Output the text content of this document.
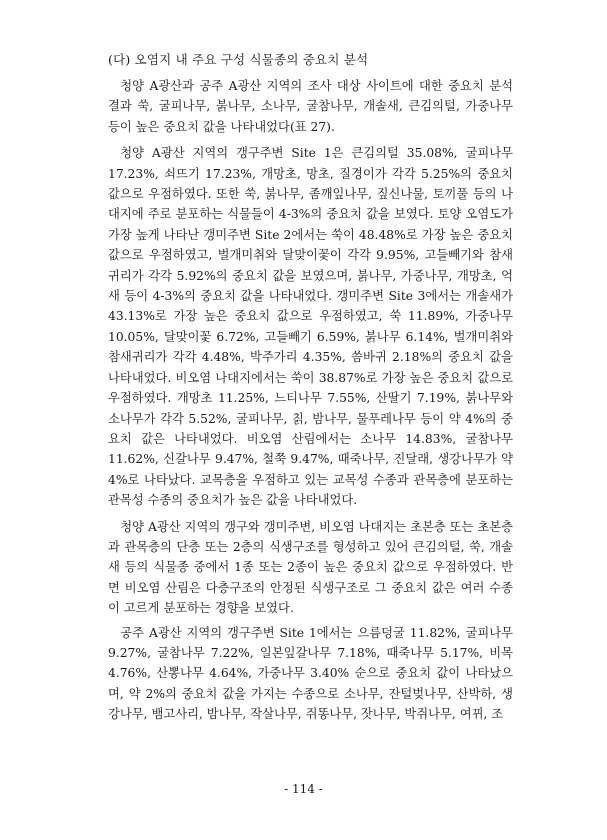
(다) 오염지 내 주요 구성 식물종의 중요치 분석

청양 A광산과 공주 A광산 지역의 조사 대상 사이트에 대한 중요치 분석 결과 쑥, 굴피나무, 붉나무, 소나무, 굴참나무, 개솔새, 큰김의털, 가중나무 등이 높은 중요치 값을 나타내었다(표 27).

청양 A광산 지역의 갱구주변 Site 1은 큰김의털 35.08%, 굴피나무 17.23%, 쇠뜨기 17.23%, 개망초, 망초, 질경이가 각각 5.25%의 중요치 값으로 우점하였다. 또한 쑥, 붉나무, 좀깨잎나무, 짚신나물, 토끼풀 등의 나대지에 주로 분포하는 식물들이 4-3%의 중요치 값을 보였다. 토양 오염도가 가장 높게 나타난 갱미주변 Site 2에서는 쑥이 48.48%로 가장 높은 중요치 값으로 우점하였고, 벌개미취와 달맞이꽃이 각각 9.95%, 고들빼기와 참새귀리가 각각 5.92%의 중요치 값을 보였으며, 붉나무, 가중나무, 개망초, 억새 등이 4-3%의 중요치 값을 나타내었다. 갱미주변 Site 3에서는 개솔새가 43.13%로 가장 높은 중요치 값으로 우점하였고, 쑥 11.89%, 가중나무 10.05%, 달맞이꽃 6.72%, 고들빼기 6.59%, 붉나무 6.14%, 벌개미취와 참새귀리가 각각 4.48%, 박주가리 4.35%, 씀바귀 2.18%의 중요치 값을 나타내었다. 비오염 나대지에서는 쑥이 38.87%로 가장 높은 중요치 값으로 우점하였다. 개망초 11.25%, 느티나무 7.55%, 산딸기 7.19%, 붉나무와 소나무가 각각 5.52%, 굴피나무, 칡, 밤나무, 물푸레나무 등이 약 4%의 중요치 값은 나타내었다. 비오염 산림에서는 소나무 14.83%, 굴참나무 11.62%, 신갈나무 9.47%, 철쭉 9.47%, 때죽나무, 진달래, 생강나무가 약 4%로 나타났다. 교목층을 우점하고 있는 교목성 수종과 관목층에 분포하는 관목성 수종의 중요치가 높은 값을 나타내었다.

청양 A광산 지역의 갱구와 갱미주변, 비오염 나대지는 초본층 또는 초본층과 관목층의 단층 또는 2층의 식생구조를 형성하고 있어 큰김의털, 쑥, 개솔새 등의 식물종 중에서 1종 또는 2종이 높은 중요치 값으로 우점하였다. 반면 비오염 산림은 다층구조의 안정된 식생구조로 그 중요치 값은 여러 수종이 고르게 분포하는 경향을 보였다.

공주 A광산 지역의 갱구주변 Site 1에서는 으름덩굴 11.82%, 굴피나무 9.27%, 굴참나무 7.22%, 일본잎갈나무 7.18%, 때죽나무 5.17%, 비목 4.76%, 산뽕나무 4.64%, 가중나무 3.40% 순으로 중요치 값이 나타났으며, 약 2%의 중요치 값을 가지는 수종으로 소나무, 잔털벚나무, 산박하, 생강나무, 뱀고사리, 밤나무, 작살나무, 쥐똥나무, 잣나무, 박쥐나무, 여뀌, 조

- 114 -
